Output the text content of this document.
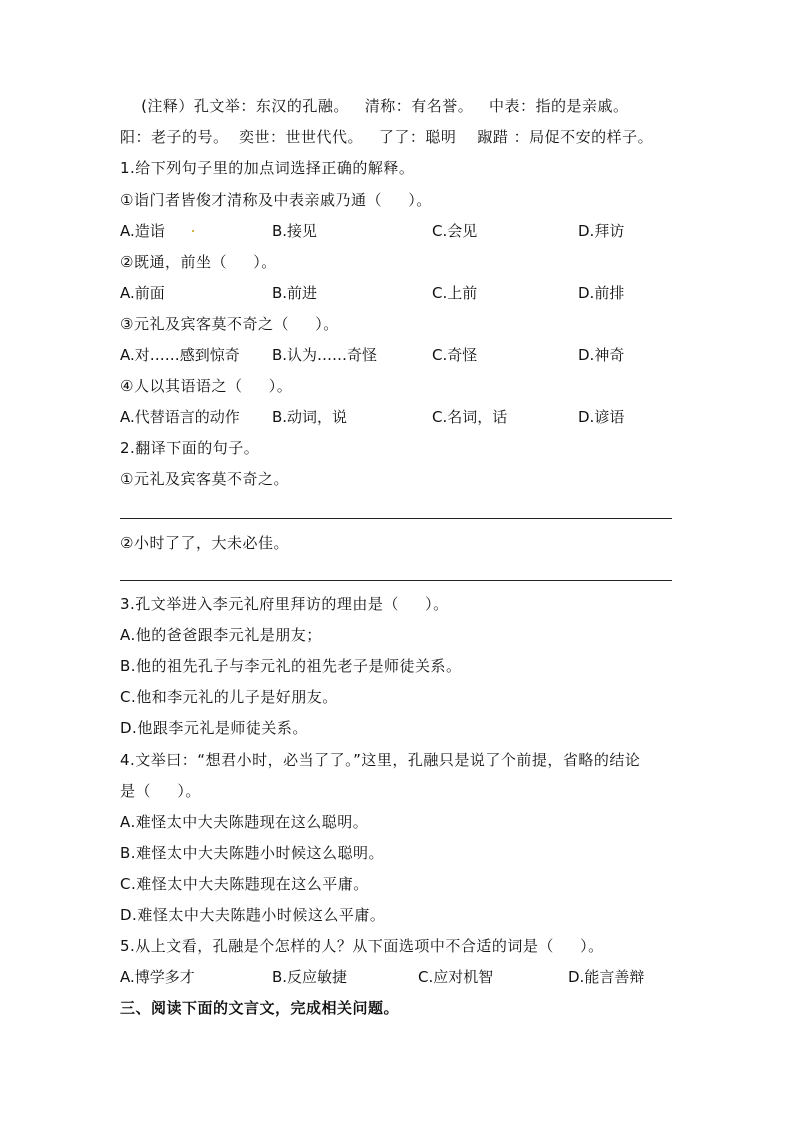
(注释）孔文举：东汉的孔融。   清称：有名誉。   中表：指的是亲戚。
阳：老子的号。  奕世：世世代代。   了了：聪明    踧踖 ：局促不安的样子。
1.给下列句子里的加点词选择正确的解释。
①诣门者皆俊才清称及中表亲戚乃通（     ）。
A.造诣	B.接见	C.会见	D.拜访
②既通，前坐（     ）。
A.前面	B.前进	C.上前	D.前排
③元礼及宾客莫不奇之（     ）。
A.对……感到惊奇 B.认为……奇怪	C.奇怪	D.神奇
④人以其语语之（     ）。
A.代替语言的动作 B.动词，说	C.名词，话	D.谚语
2.翻译下面的句子。
①元礼及宾客莫不奇之。
②小时了了，大未必佳。
3.孔文举进入李元礼府里拜访的理由是（     ）。
A.他的爸爸跟李元礼是朋友；
B.他的祖先孔子与李元礼的祖先老子是师徒关系。
C.他和李元礼的儿子是好朋友。
D.他跟李元礼是师徒关系。
4.文举曰：“想君小时，必当了了。”这里，孔融只是说了个前提，省略的结论
是（     ）。
A.难怪太中大夫陈韪现在这么聪明。
B.难怪太中大夫陈韪小时候这么聪明。
C.难怪太中大夫陈韪现在这么平庸。
D.难怪太中大夫陈韪小时候这么平庸。
5.从上文看，孔融是个怎样的人？从下面选项中不合适的词是（     ）。
A.博学多才	B.反应敏捷	C.应对机智	D.能言善辩
三、阅读下面的文言文，完成相关问题。
